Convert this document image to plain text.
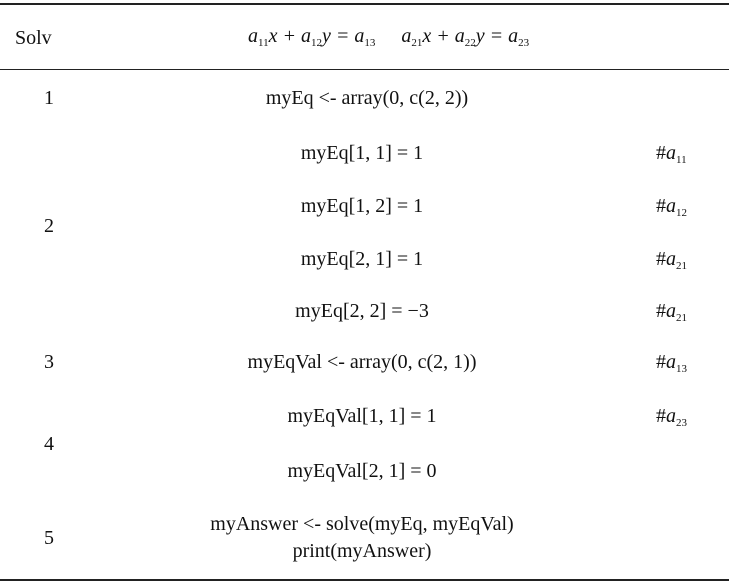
Solv	$a_{11}x + a_{12}y = a_{13}$ $a_{21}x + a_{22}y = a_{23}$
1
2
3
4
5
myEq <- array(0, c(2, 2))
myEq[1, 1] = 1
myEq[1, 2] = 1
myEq[2, 1] = 1
myEq[2, 2] = −3
myEqVal <- array(0, c(2, 1))
myEqVal[1, 1] = 1
myEqVal[2, 1] = 0
myAnswer <- solve(myEq, myEqVal)
print(myAnswer)
$\#a_{11}$
$\#a_{12}$
$\#a_{21}$
$\#a_{21}$
$\#a_{13}$
$\#a_{23}$
